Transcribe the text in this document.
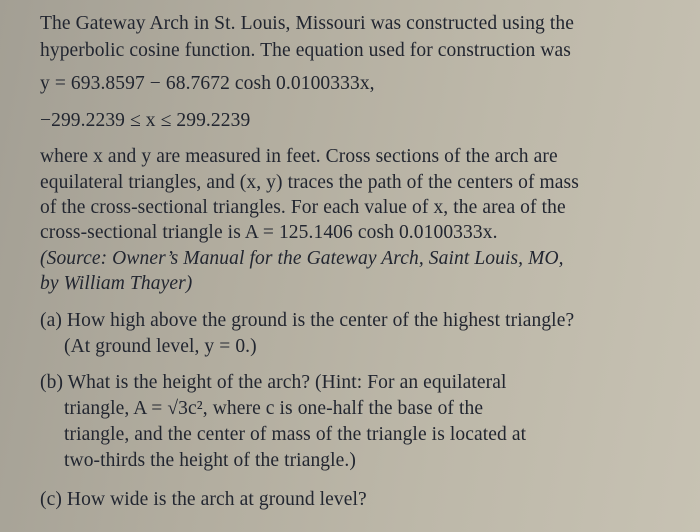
The Gateway Arch in St. Louis, Missouri was constructed using the
hyperbolic cosine function. The equation used for construction was
y = 693.8597 − 68.7672 cosh 0.0100333x,
−299.2239 ≤ x ≤ 299.2239
where x and y are measured in feet. Cross sections of the arch are
equilateral triangles, and (x, y) traces the path of the centers of mass
of the cross-sectional triangles. For each value of x, the area of the
cross-sectional triangle is A = 125.1406 cosh 0.0100333x.
(Source: Owner’s Manual for the Gateway Arch, Saint Louis, MO,
by William Thayer)
(a) How high above the ground is the center of the highest triangle?
(At ground level, y = 0.)
(b) What is the height of the arch? (Hint: For an equilateral
triangle, A = √3c², where c is one-half the base of the
triangle, and the center of mass of the triangle is located at
two-thirds the height of the triangle.)
(c) How wide is the arch at ground level?
